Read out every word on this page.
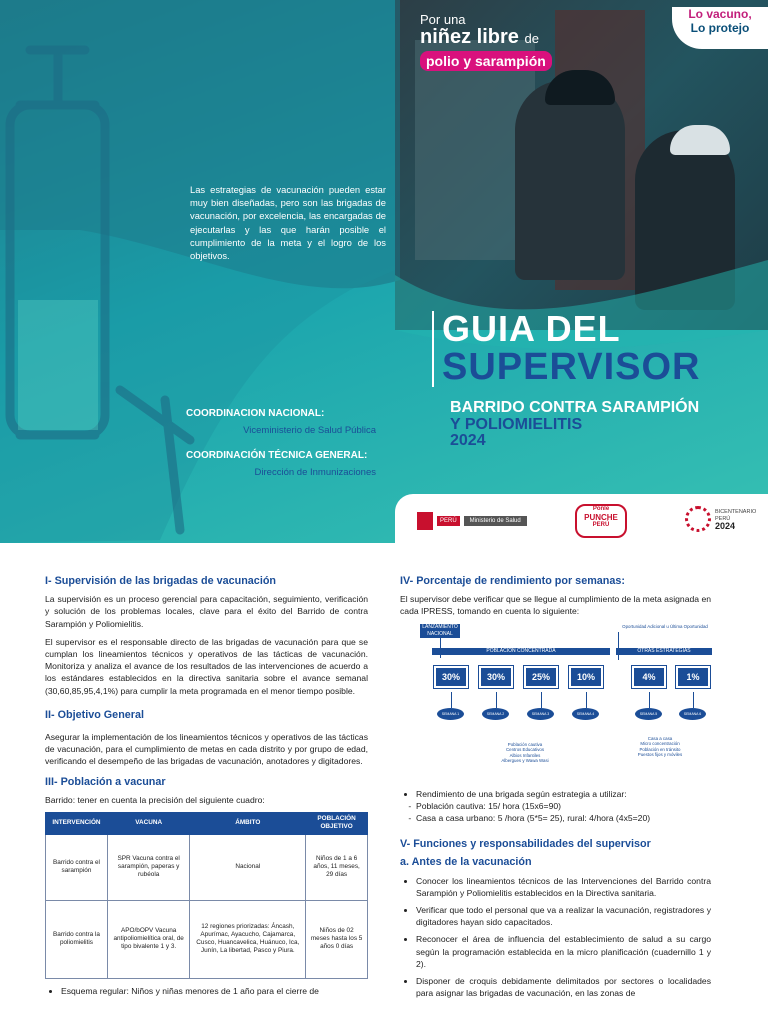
Por una
niñez libre de
polio y sarampión
Lo vacuno,
Lo protejo
Las estrategias de vacunación pueden estar muy bien diseñadas, pero son las brigadas de vacunación, por excelencia, las encargadas de ejecutarlas y las que harán posible el cumplimiento de la meta y el logro de los objetivos.
GUIA DEL
SUPERVISOR
BARRIDO CONTRA SARAMPIÓN
Y POLIOMIELITIS
2024
COORDINACION NACIONAL:
Viceministerio de Salud Pública
COORDINACIÓN TÉCNICA GENERAL:
Dirección de Inmunizaciones
PERÚ	Ministerio de Salud
Ponle
PUNCHE
PERÚ
BICENTENARIO
PERÚ
2024
I- Supervisión de las brigadas de vacunación
La supervisión es un proceso gerencial para capacitación, seguimiento, verificación y solución de los problemas locales, clave para el éxito del Barrido de contra Sarampión y Poliomielitis.
El supervisor es el responsable directo de las brigadas de vacunación para que se cumplan los lineamientos técnicos y operativos de las tácticas de vacunación. Monitoriza y analiza el avance de los resultados de las intervenciones de acuerdo a los estándares establecidos en la directiva sanitaria sobre el avance semanal (30,60,85,95,4,1%) para cumplir la meta programada en el menor tiempo posible.
II- Objetivo General
Asegurar la implementación de los lineamientos técnicos y operativos de las tácticas de vacunación, para el cumplimiento de metas en cada distrito y por grupo de edad, verificando el desempeño de las brigadas de vacunación, anotadores y digitadores.
III- Población a vacunar
Barrido: tener en cuenta la precisión del siguiente cuadro:
INTERVENCIÓN	VACUNA	ÁMBITO	POBLACIÓN OBJETIVO
Barrido contra el sarampión	SPR Vacuna contra el sarampión, paperas y rubéola	Nacional	Niños de 1 a 6 años, 11 meses, 29 días
Barrido contra la poliomielitis	APO/bOPV Vacuna antipoliomielítica oral, de tipo bivalente 1 y 3.	12 regiones priorizadas: Áncash, Apurímac, Ayacucho, Cajamarca, Cusco, Huancavelica, Huánuco, Ica, Junín, La libertad, Pasco y Piura.	Niños de 02 meses hasta los 5 años 0 días
• Esquema regular: Niños y niñas menores de 1 año para el cierre de
IV- Porcentaje de rendimiento por semanas:
El supervisor debe verificar que se llegue al cumplimiento de la meta asignada en cada IPRESS, tomando en cuenta lo siguiente:
LANZAMIENTO NACIONAL
Oportunidad Adicional u Última Oportunidad
POBLACIÓN CONCENTRADA	OTRAS ESTRATEGIAS
30%	30%	25%	10%	4%	1%
SEMANA 1	SEMANA 2	SEMANA 3	SEMANA 4	SEMANA 5	SEMANA 6
Población cautiva
Centros Educativos
Albios Infantiles
Albergues y Wawa Wasi
Casa a casa
Micro concentración
Población en tránsito
Puestos fijos y móviles
• Rendimiento de una brigada según estrategia a utilizar:
- Población cautiva: 15/ hora (15x6=90)
- Casa a casa urbano: 5 /hora (5*5= 25), rural: 4/hora (4x5=20)
V- Funciones y responsabilidades del supervisor
a. Antes de la vacunación
• Conocer los lineamientos técnicos de las Intervenciones del Barrido contra Sarampión y Poliomielitis establecidos en la Directiva sanitaria.
• Verificar que todo el personal que va a realizar la vacunación, registradores y digitadores hayan sido capacitados.
• Reconocer el área de influencia del establecimiento de salud a su cargo según la programación establecida en la micro planificación (cuadernillo 1 y 2).
• Disponer de croquis debidamente delimitados por sectores o localidades para asignar las brigadas de vacunación, en las zonas de
